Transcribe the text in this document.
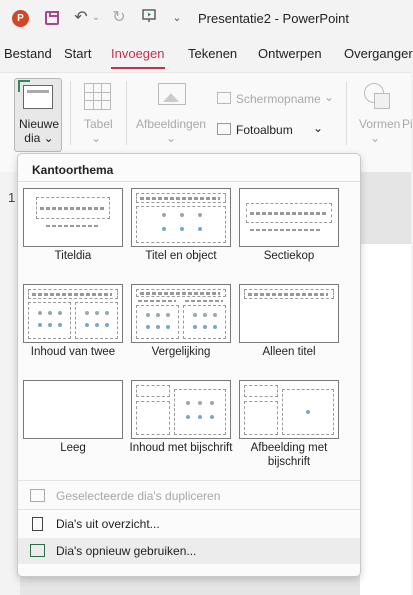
P	↶ ⌄ ↻	⌄ Presentatie2 - PowerPoint
Bestand Start Invoegen Tekenen Ontwerpen Overganger
Nieuwe
dia ⌄
Tabel
⌄
Afbeeldingen
⌄
Schermopname ⌄
Fotoalbum ⌄	Vormen
⌄
Pi
1
Kantoorthema
Titeldia	Titel en object	Sectiekop
Inhoud van twee	Vergelijking	Alleen titel
Leeg	Inhoud met bijschrift	Afbeelding met bijschrift
Geselecteerde dia's dupliceren
Dia's uit overzicht...
Dia's opnieuw gebruiken...
